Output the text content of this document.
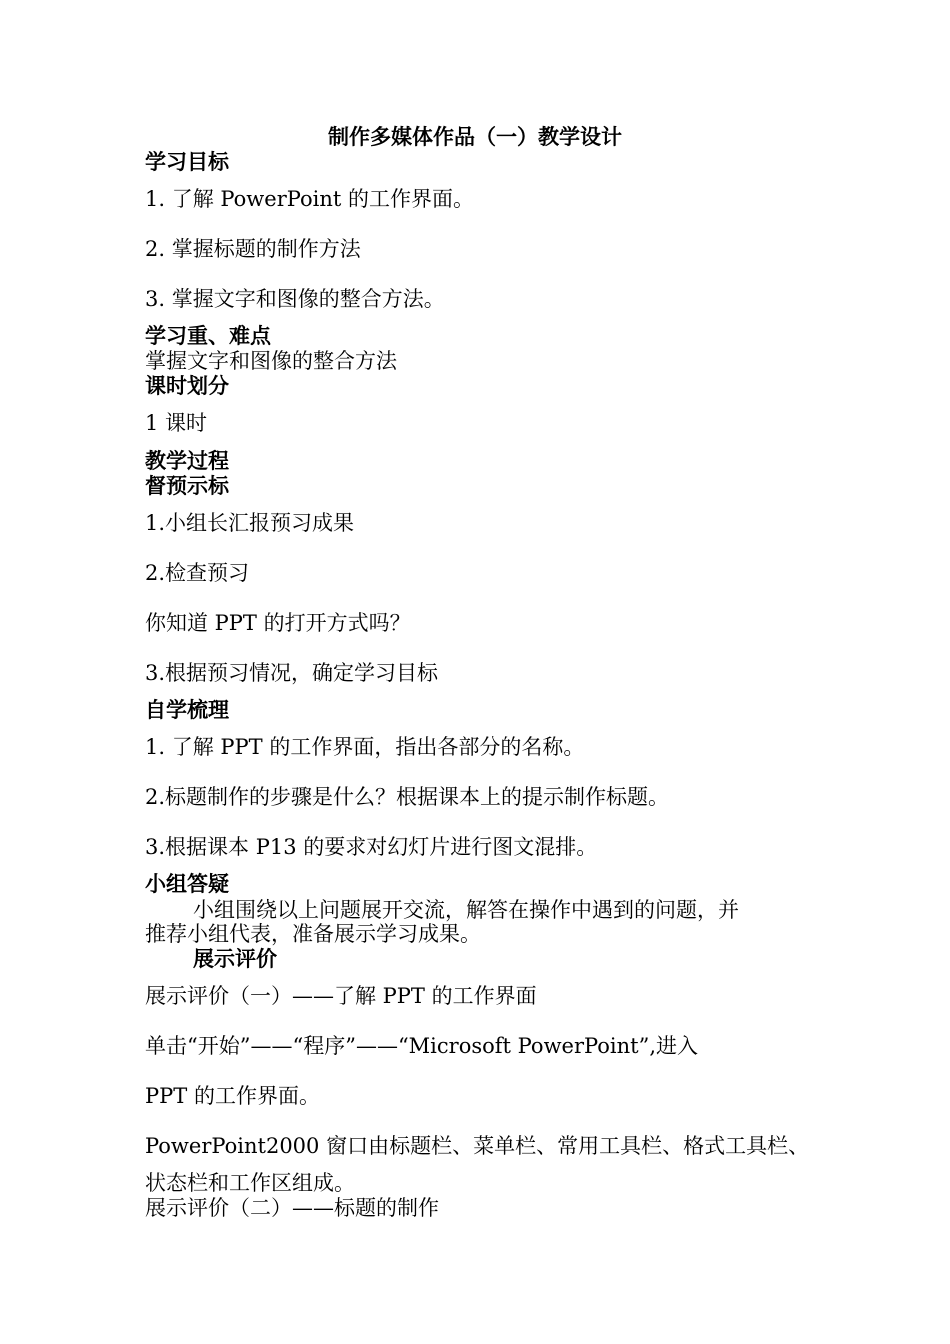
制作多媒体作品（一）教学设计
学习目标
1. 了解 PowerPoint 的工作界面。
2. 掌握标题的制作方法
3. 掌握文字和图像的整合方法。
学习重、难点
掌握文字和图像的整合方法
课时划分
1 课时
教学过程
督预示标
1.小组长汇报预习成果
2.检查预习
你知道 PPT 的打开方式吗？
3.根据预习情况，确定学习目标
自学梳理
1. 了解 PPT 的工作界面，指出各部分的名称。
2.标题制作的步骤是什么？根据课本上的提示制作标题。
3.根据课本 P13 的要求对幻灯片进行图文混排。
小组答疑
小组围绕以上问题展开交流，解答在操作中遇到的问题，并
推荐小组代表，准备展示学习成果。
展示评价
展示评价（一）——了解 PPT 的工作界面
单击“开始”——“程序”——“Microsoft PowerPoint”,进入
PPT 的工作界面。
PowerPoint2000 窗口由标题栏、菜单栏、常用工具栏、格式工具栏、
状态栏和工作区组成。
展示评价（二）——标题的制作
